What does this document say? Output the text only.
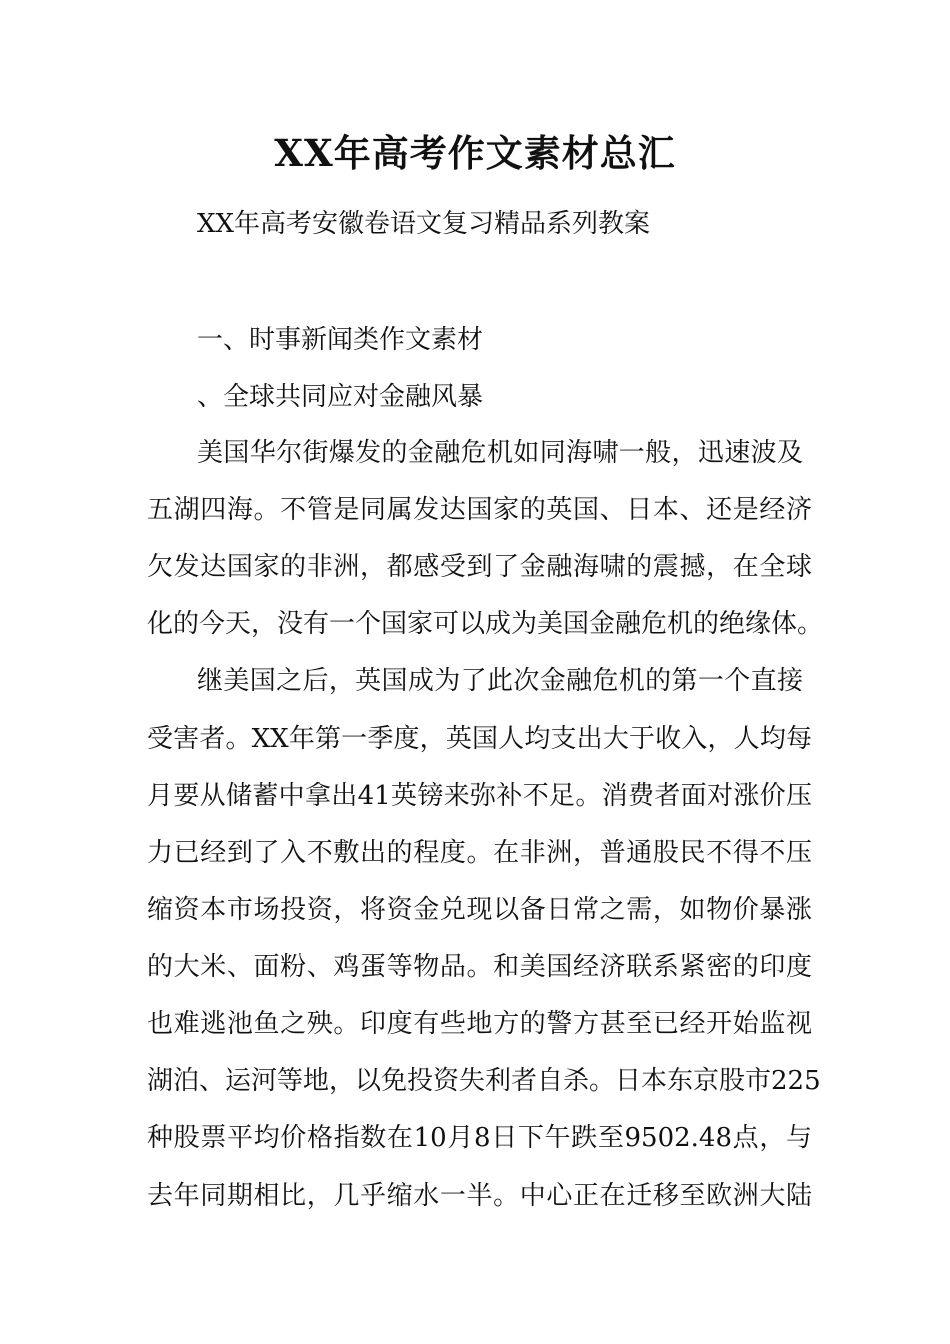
XX年高考作文素材总汇
XX年高考安徽卷语文复习精品系列教案
一、时事新闻类作文素材
、全球共同应对金融风暴
美国华尔街爆发的金融危机如同海啸一般，迅速波及
五湖四海。不管是同属发达国家的英国、日本、还是经济
欠发达国家的非洲，都感受到了金融海啸的震撼，在全球
化的今天，没有一个国家可以成为美国金融危机的绝缘体。
继美国之后，英国成为了此次金融危机的第一个直接
受害者。XX年第一季度，英国人均支出大于收入，人均每
月要从储蓄中拿出41英镑来弥补不足。消费者面对涨价压
力已经到了入不敷出的程度。在非洲，普通股民不得不压
缩资本市场投资，将资金兑现以备日常之需，如物价暴涨
的大米、面粉、鸡蛋等物品。和美国经济联系紧密的印度
也难逃池鱼之殃。印度有些地方的警方甚至已经开始监视
湖泊、运河等地，以免投资失利者自杀。日本东京股市225
种股票平均价格指数在10月8日下午跌至9502.48点，与
去年同期相比，几乎缩水一半。中心正在迁移至欧洲大陆
